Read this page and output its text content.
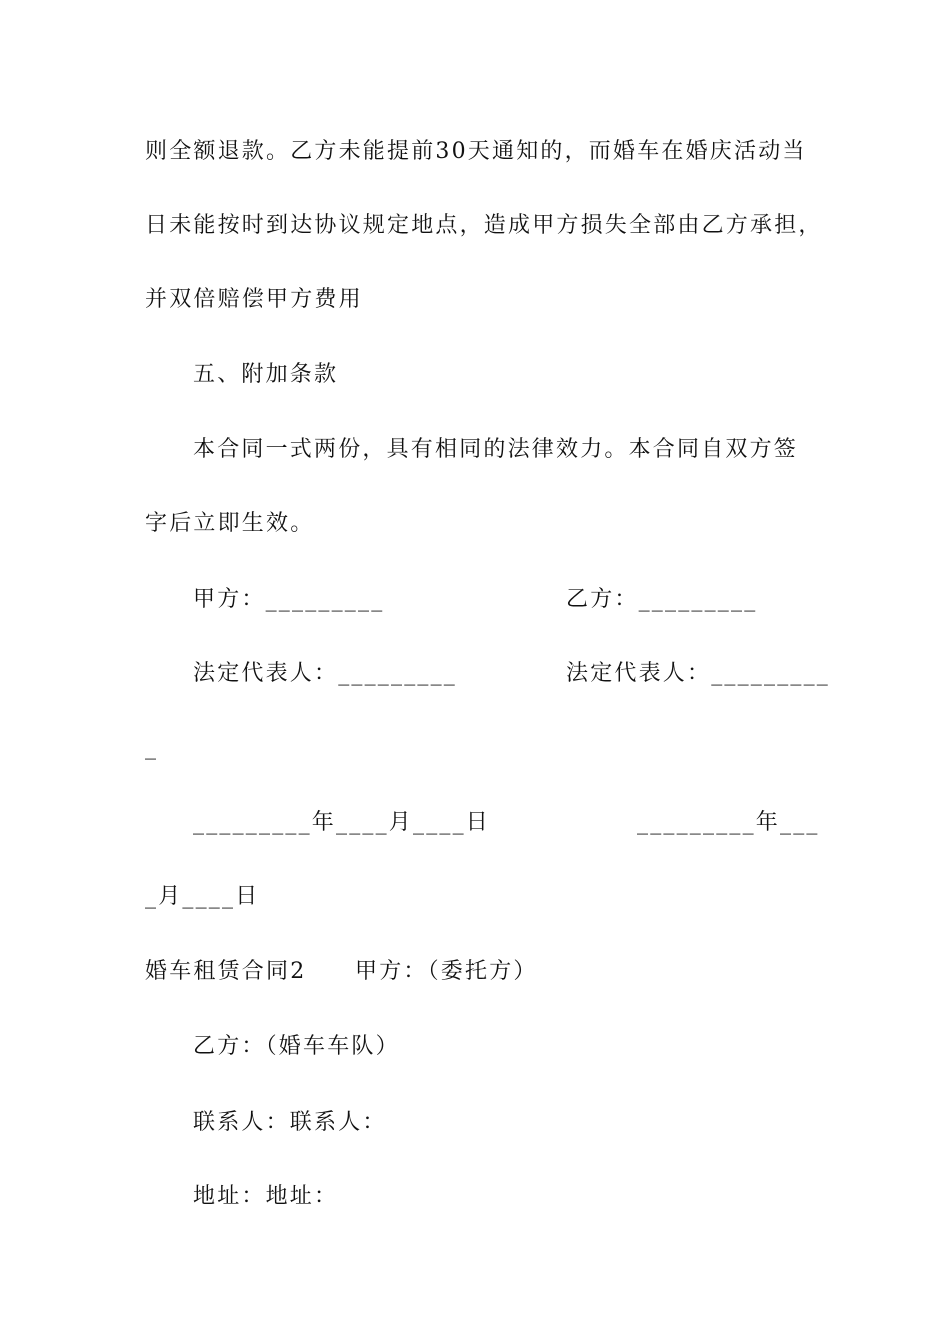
则全额退款。乙方未能提前30天通知的，而婚车在婚庆活动当
日未能按时到达协议规定地点，造成甲方损失全部由乙方承担，
并双倍赔偿甲方费用
五、附加条款
本合同一式两份，具有相同的法律效力。本合同自双方签
字后立即生效。
甲方：_________	乙方：_________
法定代表人：_________	法定代表人：_________
_
_________年____月____日	_________年___
_月____日
婚车租赁合同2 甲方：（委托方）
乙方：（婚车车队）
联系人：联系人：
地址：地址：
